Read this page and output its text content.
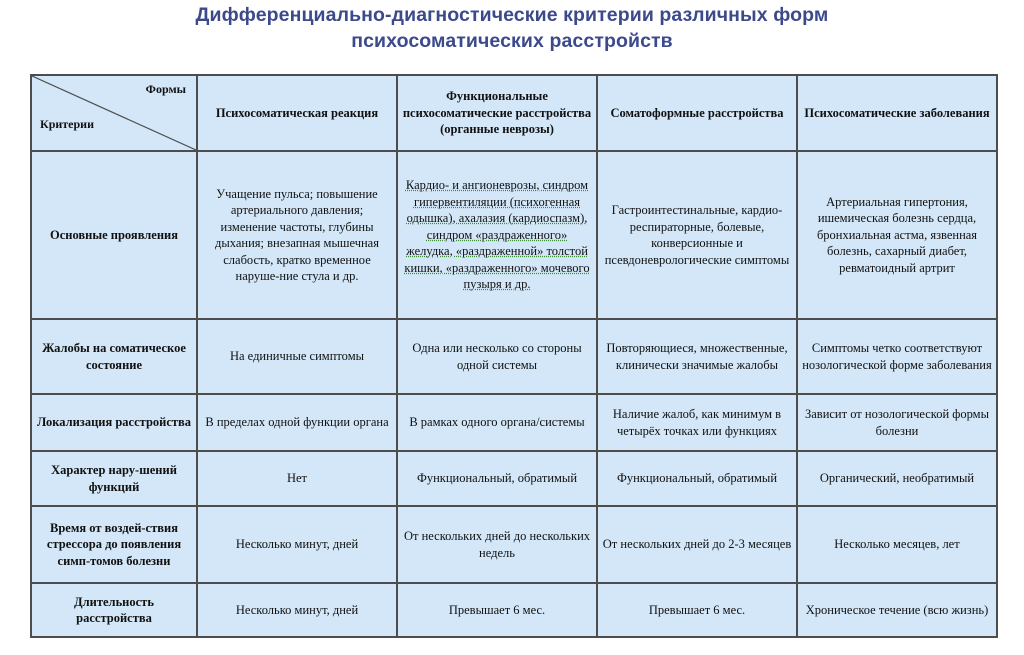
Дифференциально-диагностические критерии различных форм
психосоматических расстройств
Формы
Критерии	Психосоматическая реакция	Функциональные психосоматические расстройства (органные неврозы)	Соматоформные расстройства	Психосоматические заболевания
Основные проявления	Учащение пульса; повышение артериального давления; изменение частоты, глубины дыхания; внезапная мышечная слабость, кратко временное наруше-ние стула и др.	Кардио- и ангионеврозы, синдром гипервентиляции (психогенная одышка), ахалазия (кардиоспазм), синдром «раздраженного» желудка, «раздраженной» толстой кишки, «раздраженного» мочевого пузыря и др.	Гастроинтестинальные, кардио-респираторные, болевые, конверсионные и псевдоневрологические симптомы	Артериальная гипертония, ишемическая болезнь сердца, бронхиальная астма, язвенная болезнь, сахарный диабет, ревматоидный артрит
Жалобы на соматическое состояние	На единичные симптомы	Одна или несколько со стороны одной системы	Повторяющиеся, множественные, клинически значимые жалобы	Симптомы четко соответствуют нозологической форме заболевания
Локализация расстройства	В пределах одной функции органа	В рамках одного органа/системы	Наличие жалоб, как минимум в четырёх точках или функциях	Зависит от нозологической формы болезни
Характер нару-шений функций	Нет	Функциональный, обратимый	Функциональный, обратимый	Органический, необратимый
Время от воздей-ствия стрессора до появления симп-томов болезни	Несколько минут, дней	От нескольких дней до нескольких недель	От нескольких дней до 2-3 месяцев	Несколько месяцев, лет
Длительность расстройства	Несколько минут, дней	Превышает 6 мес.	Превышает 6 мес.	Хроническое течение (всю жизнь)
